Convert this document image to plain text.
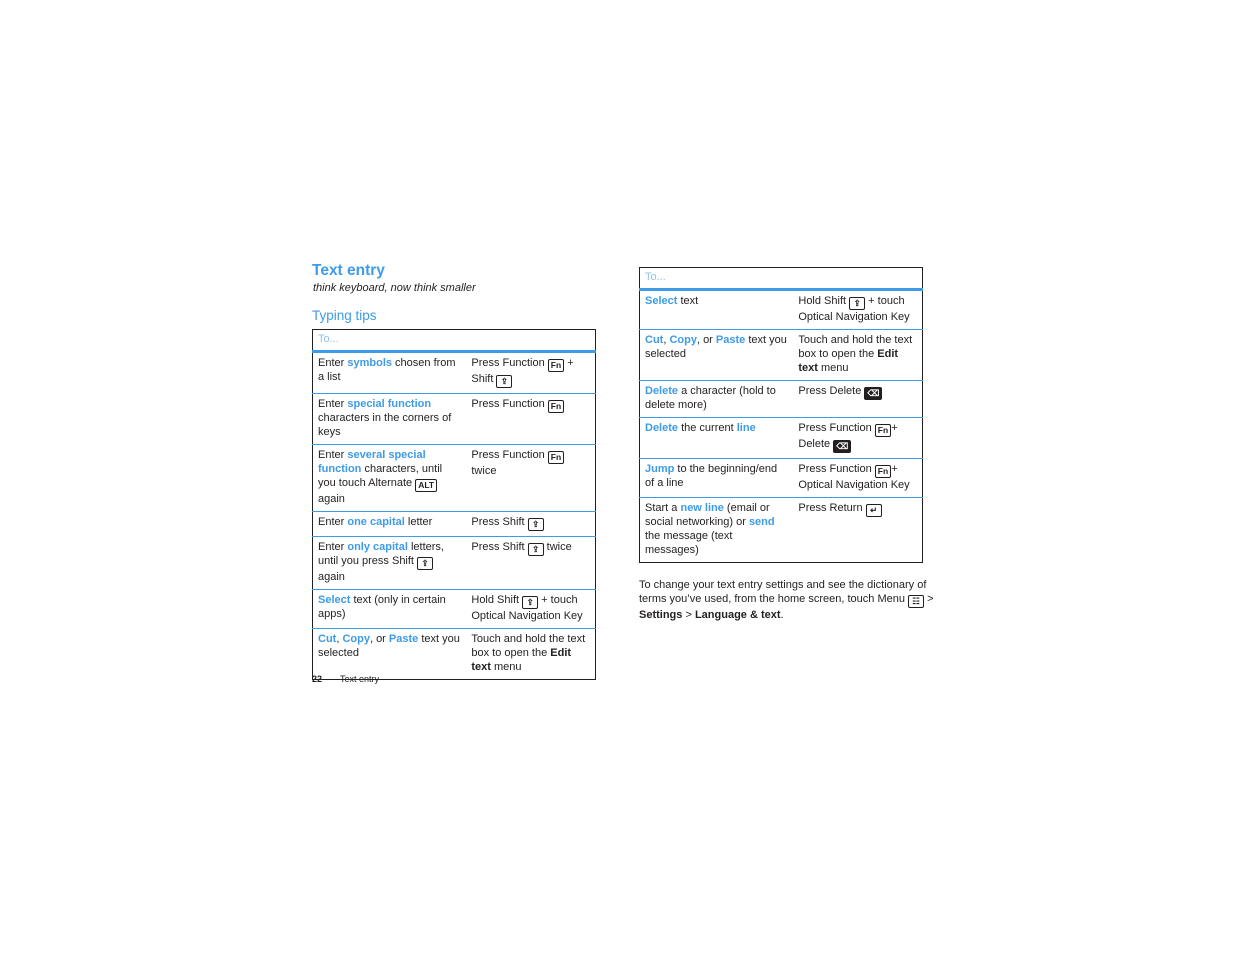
Text entry
think keyboard, now think smaller
Typing tips
To...	
Enter symbols chosen from a list	Press Function Fn + Shift ⇪
Enter special function characters in the corners of keys	Press Function Fn
Enter several special function characters, until you touch Alternate ALT again	Press Function Fn twice
Enter one capital letter	Press Shift ⇪
Enter only capital letters, until you press Shift ⇪ again	Press Shift ⇪ twice
Select text (only in certain apps)	Hold Shift ⇪ + touch Optical Navigation Key
Cut, Copy, or Paste text you selected	Touch and hold the text box to open the Edit text menu
To...	
Select text	Hold Shift ⇪ + touch Optical Navigation Key
Cut, Copy, or Paste text you selected	Touch and hold the text box to open the Edit text menu
Delete a character (hold to delete more)	Press Delete ⌫
Delete the current line	Press Function Fn + Delete ⌫
Jump to the beginning/end of a line	Press Function Fn + Optical Navigation Key
Start a new line (email or social networking) or send the message (text messages)	Press Return ↵
To change your text entry settings and see the dictionary of terms you’ve used, from the home screen, touch Menu ☷ > Settings > Language & text.
22 Text entry
